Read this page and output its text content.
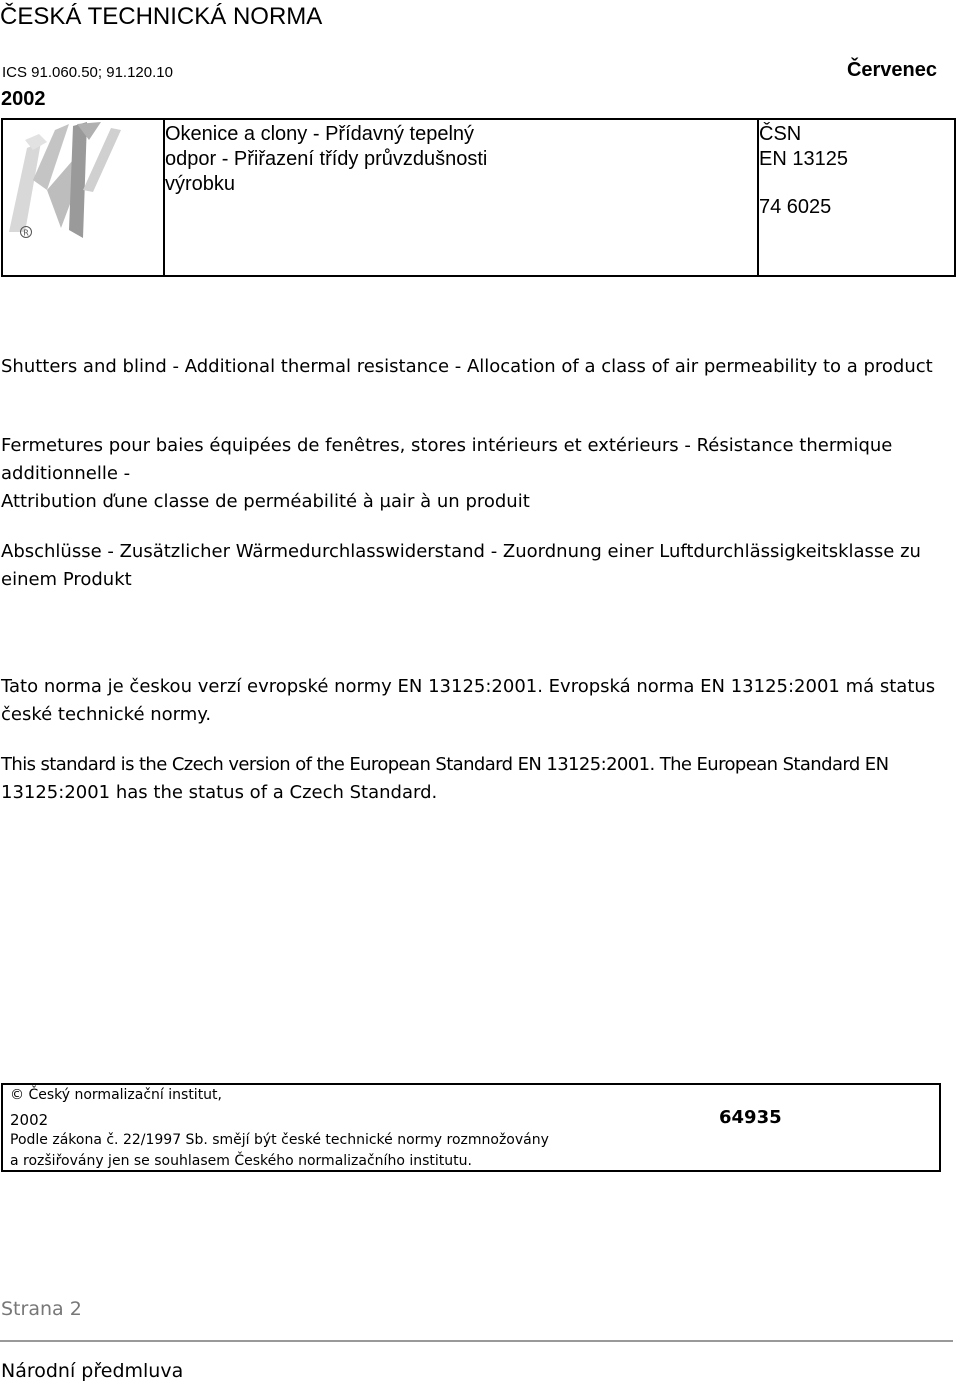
ČESKÁ TECHNICKÁ NORMA
ICS 91.060.50; 91.120.10	Červenec
2002
R
Okenice a clony - Přídavný tepelný odpor - Přiřazení třídy průvzdušnosti výrobku
ČSN
EN 13125
74 6025
Shutters and blind - Additional thermal resistance - Allocation of a class of air permeability to a product
Fermetures pour baies équipées de fenêtres, stores intérieurs et extérieurs - Résistance thermique additionnelle -
Attribution ďune classe de perméabilité à µair à un produit
Abschlüsse - Zusätzlicher Wärmedurchlasswiderstand - Zuordnung einer Luftdurchlässigkeitsklasse zu einem Produkt
Tato norma je českou verzí evropské normy EN 13125:2001. Evropská norma EN 13125:2001 má status české technické normy.
This standard is the Czech version of the European Standard EN 13125:2001. The European Standard EN
13125:2001 has the status of a Czech Standard.
© Český normalizační institut,
2002	64935
Podle zákona č. 22/1997 Sb. smějí být české technické normy rozmnožovány
a rozšiřovány jen se souhlasem Českého normalizačního institutu.
Strana 2
Národní předmluva
